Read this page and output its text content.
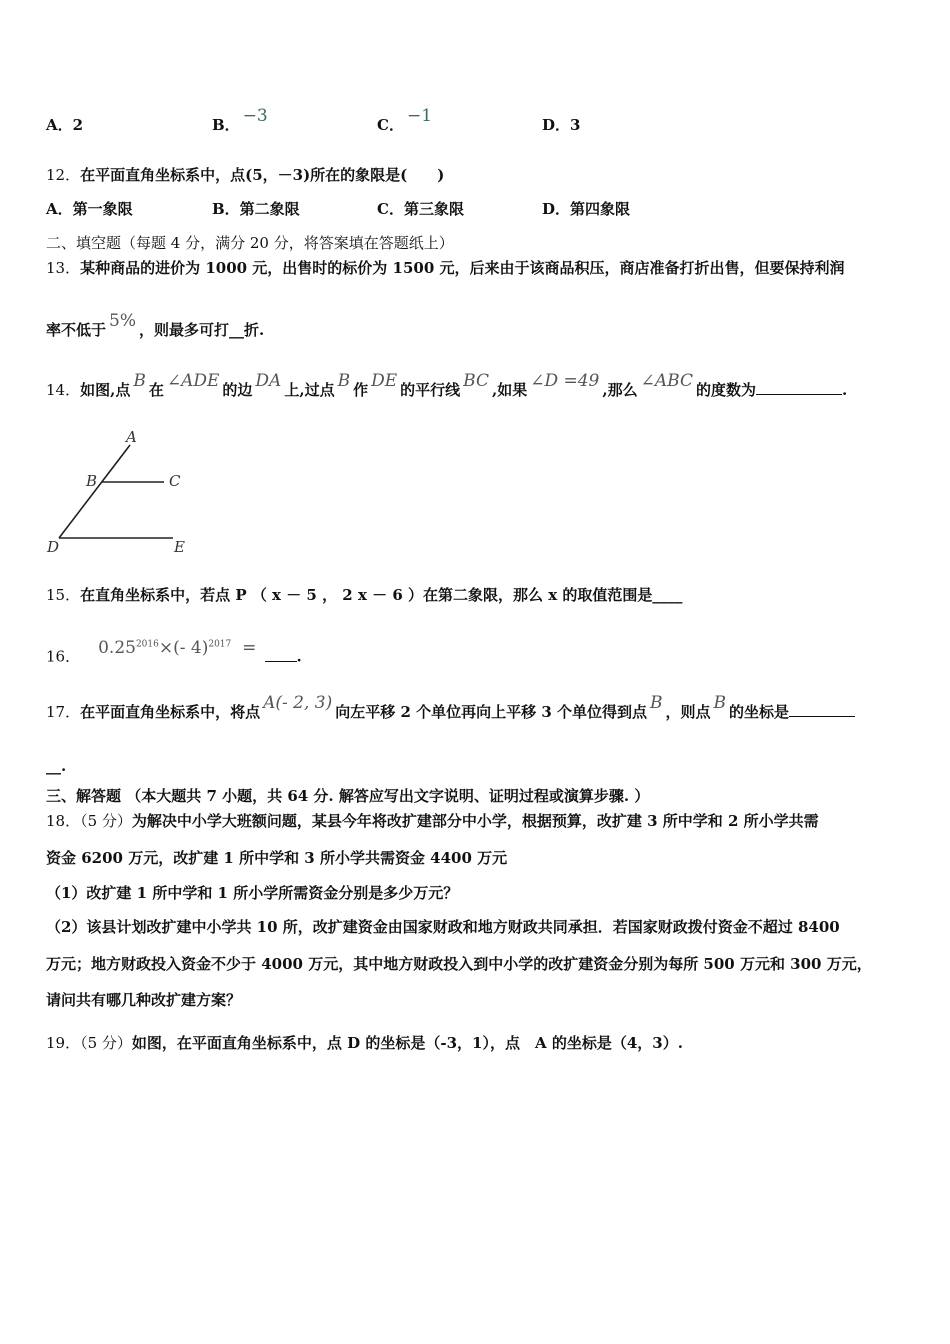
A．2	B． −3	C． −1	D．3
12．在平面直角坐标系中，点(5，－3)所在的象限是(　　)
A．第一象限	B．第二象限	C．第三象限	D．第四象限
二、填空题（每题 4 分，满分 20 分，将答案填在答题纸上）
13．某种商品的进价为 1000 元，出售时的标价为 1500 元，后来由于该商品积压，商店准备打折出售，但要保持利润
率不低于 5% ，则最多可打__折.
14．如图,点 B 在 ∠ADE 的边 DA 上,过点 B 作 DE 的平行线 BC ,如果 ∠D =49 ,那么 ∠ABC 的度数为	.
A
B	C
D	E
15．在直角坐标系中，若点 P （ x － 5 ， 2 x － 6 ）在第二象限，那么 x 的取值范围是____
16． $0.25^{2016}\times(-$ 4)$^{2017}$ =	.
17．在平面直角坐标系中，将点 A(- 2, 3) 向左平移 2 个单位再向上平移 3 个单位得到点 B ，则点 B 的坐标是
__.
三、解答题 （本大题共 7 小题，共 64 分. 解答应写出文字说明、证明过程或演算步骤. ）
18．（5 分）为解决中小学大班额问题，某县今年将改扩建部分中小学，根据预算，改扩建 3 所中学和 2 所小学共需
资金 6200 万元，改扩建 1 所中学和 3 所小学共需资金 4400 万元
（1）改扩建 1 所中学和 1 所小学所需资金分别是多少万元？
（2）该县计划改扩建中小学共 10 所，改扩建资金由国家财政和地方财政共同承担．若国家财政拨付资金不超过 8400
万元；地方财政投入资金不少于 4000 万元，其中地方财政投入到中小学的改扩建资金分别为每所 500 万元和 300 万元，
请问共有哪几种改扩建方案？
19．（5 分）如图，在平面直角坐标系中，点 D 的坐标是（-3，1），点　A 的坐标是（4，3）.
